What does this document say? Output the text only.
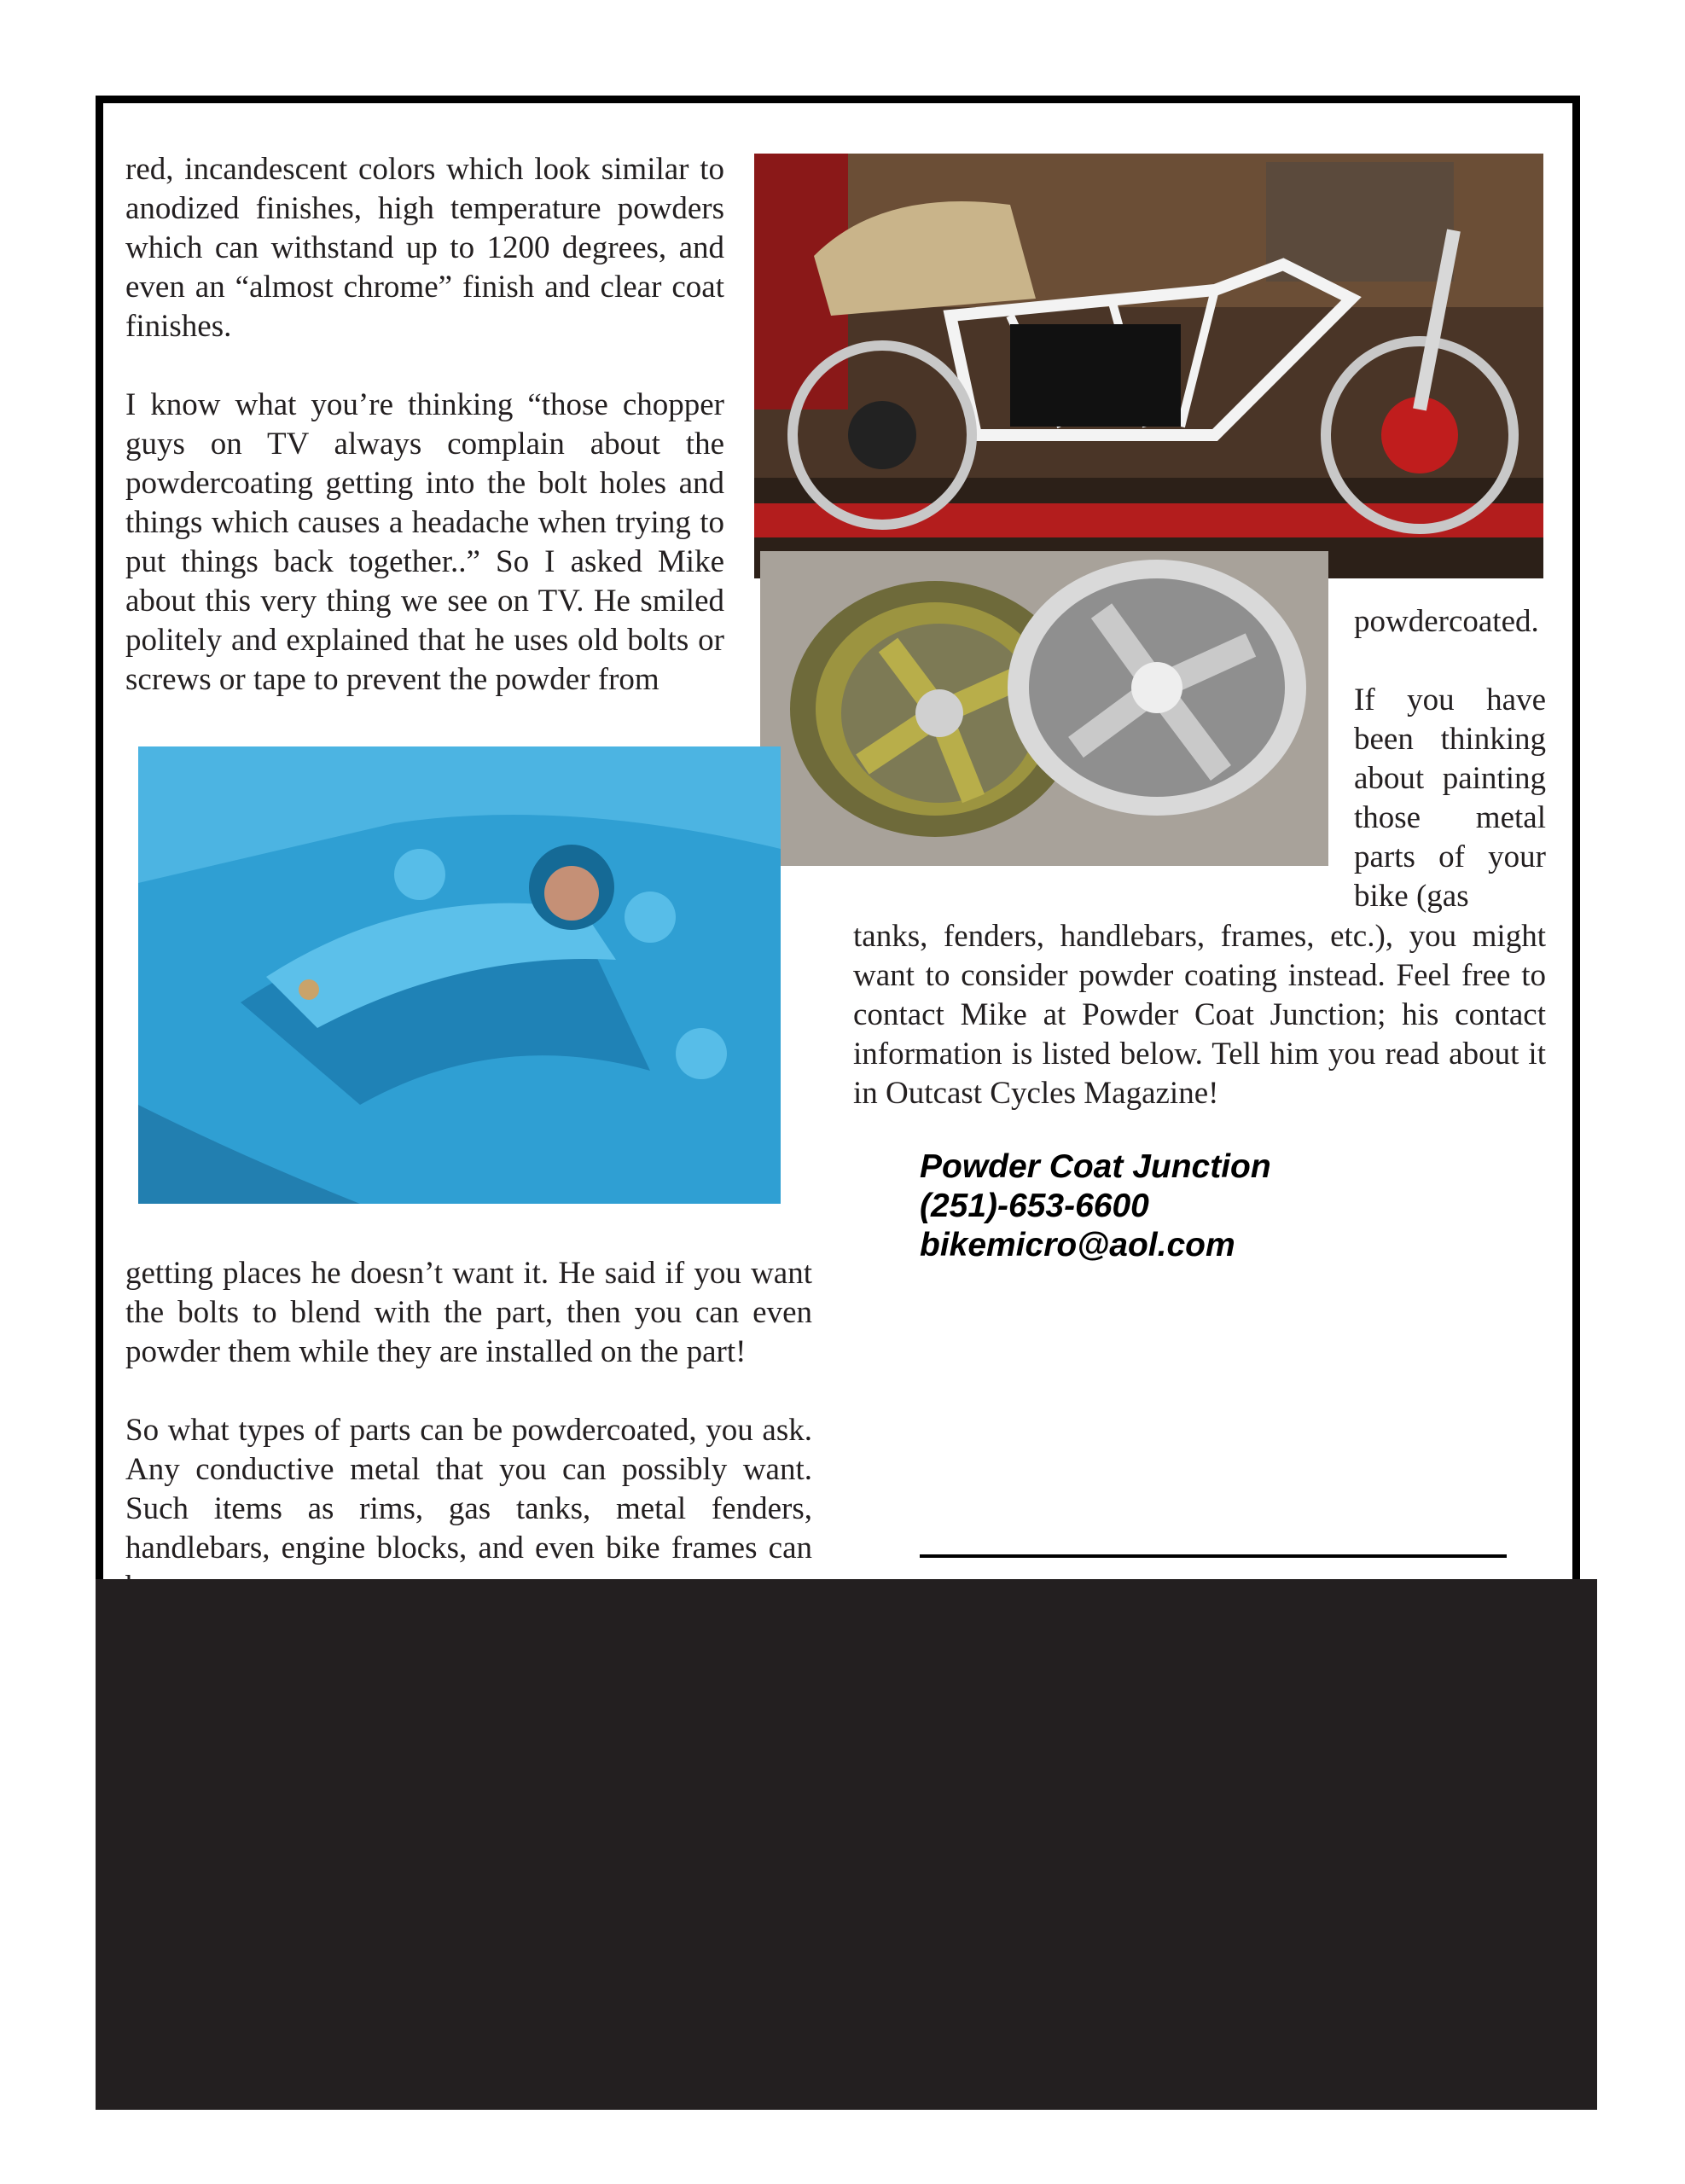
red, incandescent colors which look similar to anodized finishes, high temperature powders which can withstand up to 1200 degrees, and even an “almost chrome” finish and clear coat finishes.

I know what you’re thinking “those chopper guys on TV always complain about the powdercoating getting into the bolt holes and things which causes a headache when trying to put things back together..” So I asked Mike about this very thing we see on TV. He smiled politely and explained that he uses old bolts or screws or tape to prevent the powder from

powdercoated.

If you have been thinking about painting those metal parts of your bike (gas

tanks, fenders, handlebars, frames, etc.), you might want to consider powder coating instead. Feel free to contact Mike at Powder Coat Junction; his contact information is listed below. Tell him you read about it in Outcast Cycles Magazine!

getting places he doesn’t want it. He said if you want the bolts to blend with the part, then you can even powder them while they are installed on the part!

So what types of parts can be powdercoated, you ask. Any conductive metal that you can possibly want. Such items as rims, gas tanks, metal fenders, handlebars, engine blocks, and even bike frames can

Powder Coat Junction
(251)-653-6600
bikemicro@aol.com
